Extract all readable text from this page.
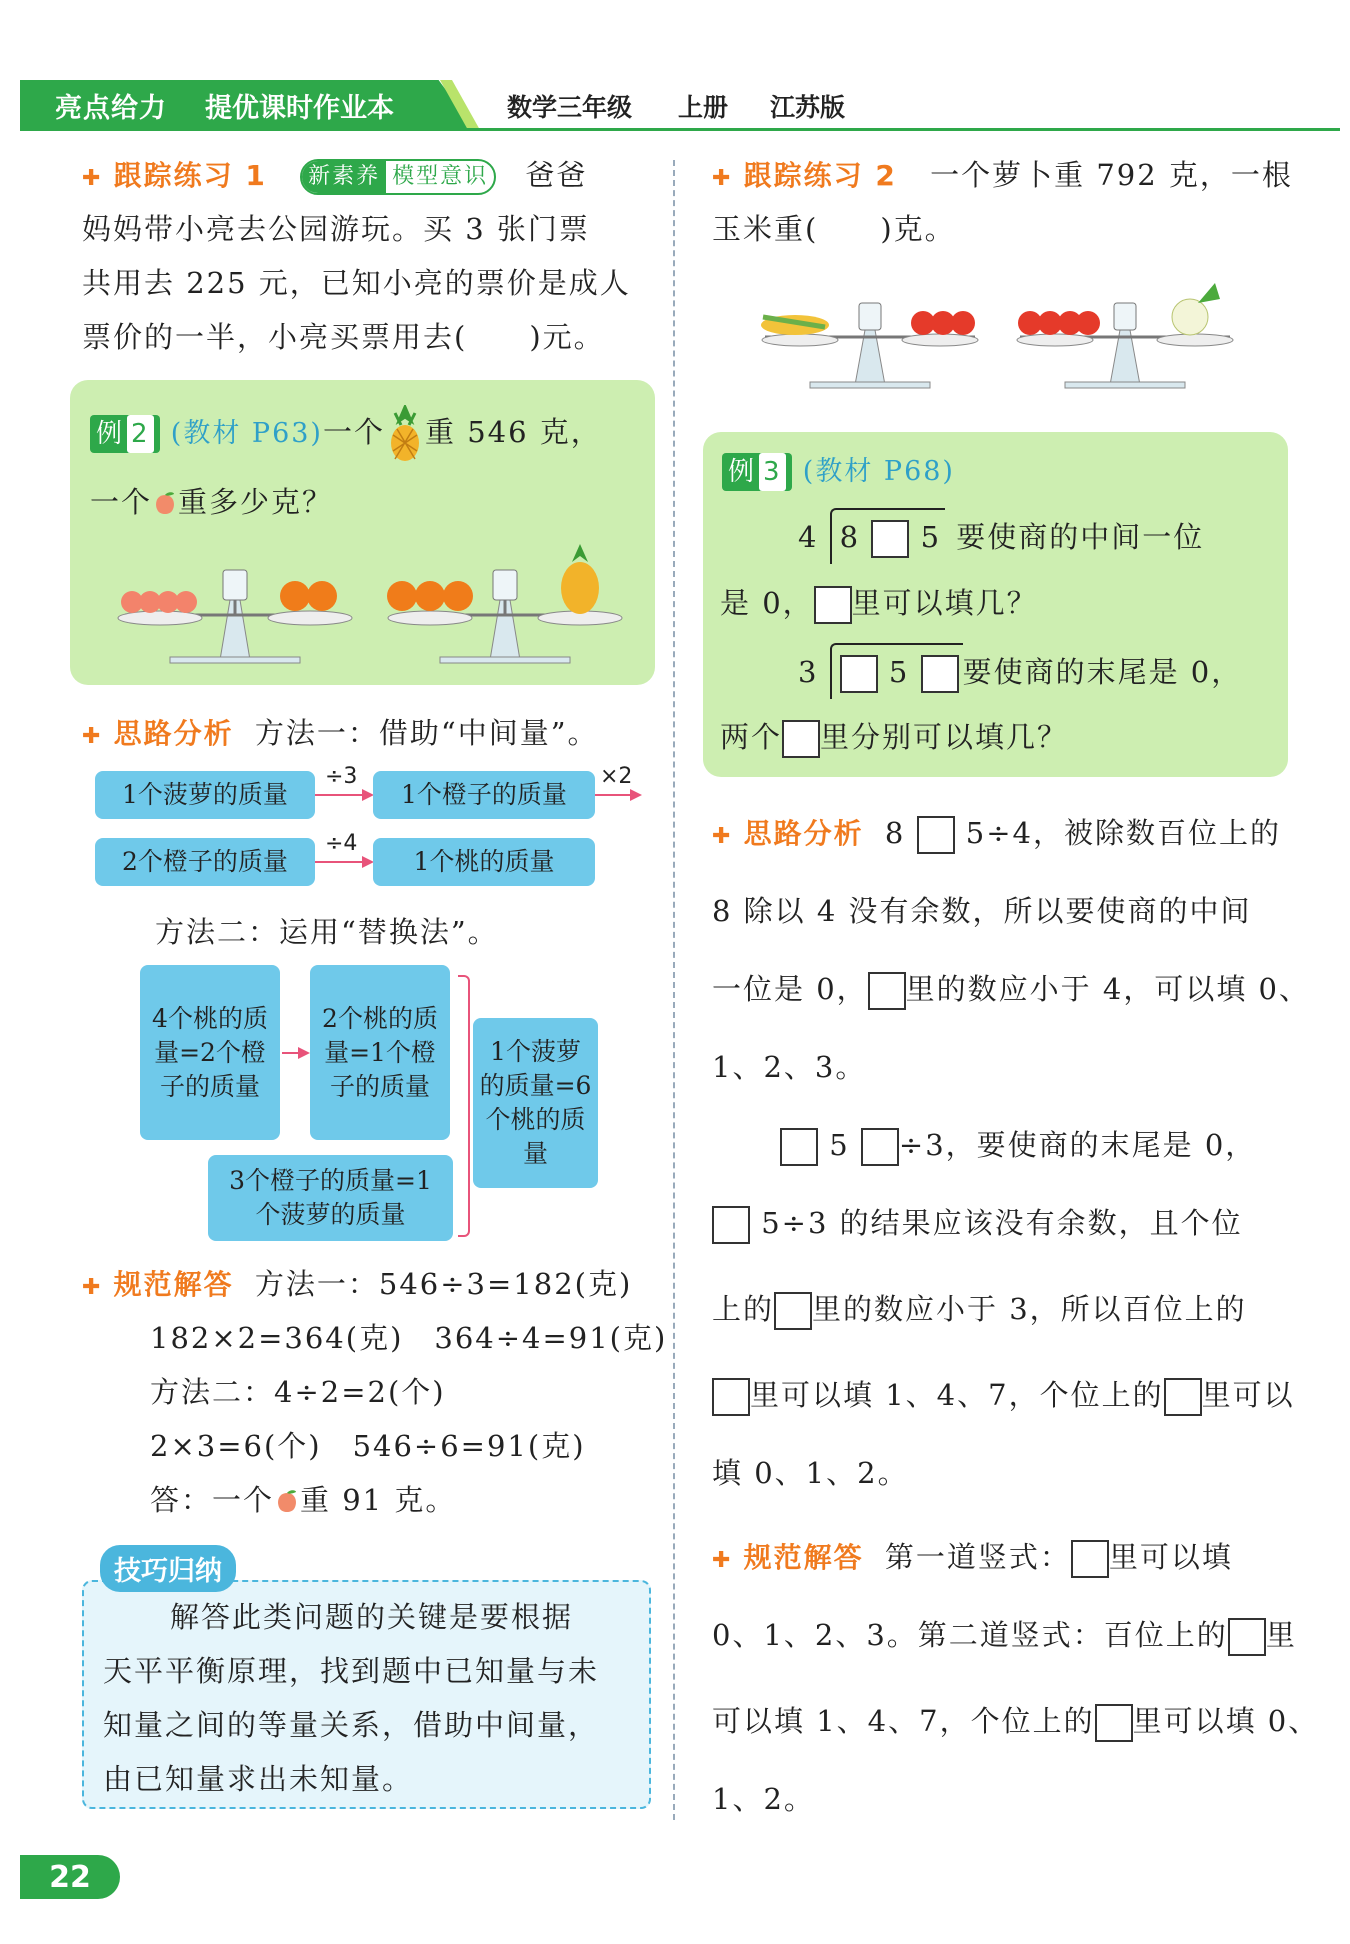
亮点给力 提优课时作业本	数学三年级 上册 江苏版
✚ 跟踪练习 1 新素养 模型意识 爸爸
妈妈带小亮去公园游玩。买 3 张门票
共用去 225 元，已知小亮的票价是成人
票价的一半，小亮买票用去(　　)元。
例 2 (教材 P63)一个 重 546 克，
一个 重多少克？
✚ 思路分析 方法一：借助“中间量”。
1个菠萝的质量
÷3
1个橙子的质量
×2
2个橙子的质量
÷4
1个桃的质量
方法二：运用“替换法”。
4个桃的质量=2个橙子的质量
2个桃的质量=1个橙子的质量
3个橙子的质量=1个菠萝的质量
1个菠萝的质量=6个桃的质量
✚ 规范解答 方法一：546÷3=182(克)
182×2=364(克)　364÷4=91(克)
方法二：4÷2=2(个)
2×3=6(个)　546÷6=91(克)
答：一个 重 91 克。
技巧归纳
解答此类问题的关键是要根据
天平平衡原理，找到题中已知量与未
知量之间的等量关系，借助中间量，
由已知量求出未知量。
✚ 跟踪练习 2 一个萝卜重 792 克，一根
玉米重(　　)克。
例 3 (教材 P68)
4 8 5 要使商的中间一位
是 0， 里可以填几？
3 5 要使商的末尾是 0，
两个 里分别可以填几？
✚ 思路分析 8 5÷4，被除数百位上的
8 除以 4 没有余数，所以要使商的中间
一位是 0， 里的数应小于 4，可以填 0、
1、2、3。
5 ÷3，要使商的末尾是 0，
5÷3 的结果应该没有余数，且个位
上的 里的数应小于 3，所以百位上的
里可以填 1、4、7，个位上的 里可以
填 0、1、2。
✚ 规范解答 第一道竖式： 里可以填
0、1、2、3。第二道竖式：百位上的 里
可以填 1、4、7，个位上的 里可以填 0、
1、2。
22
